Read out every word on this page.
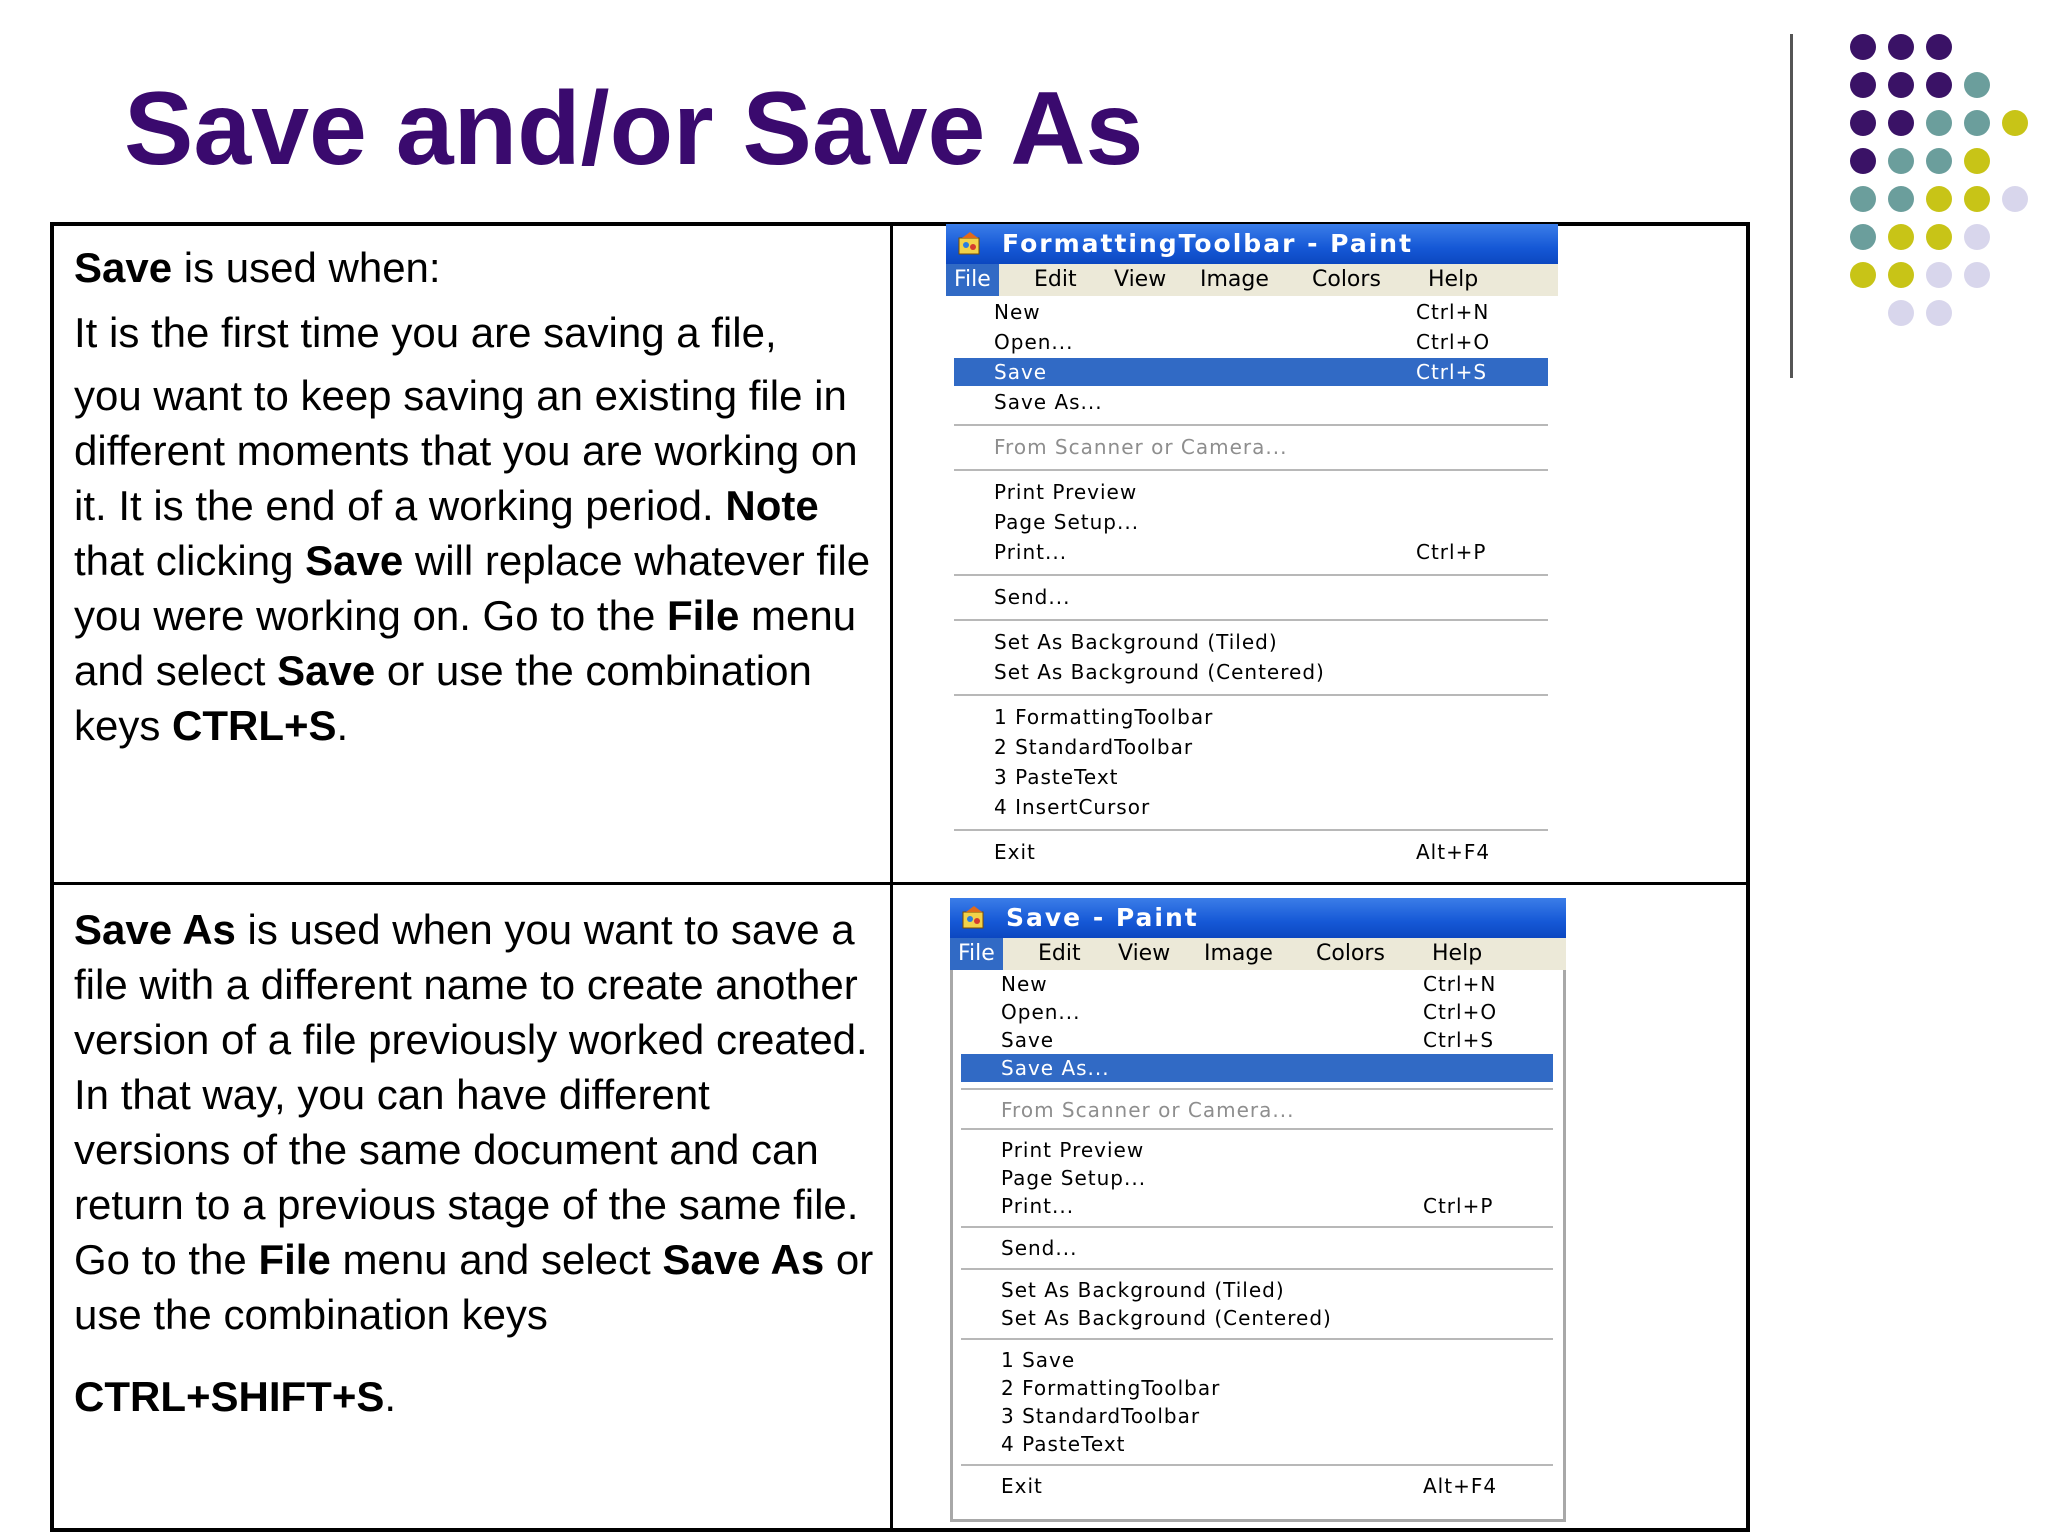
Save and/or Save As

Save is used when:

It is the first time you are saving a file,

you want to keep saving an existing file in different moments that you are working on it. It is the end of a working period. Note that clicking Save will replace whatever file you were working on. Go to the File menu and select Save or use the combination keys CTRL+S.

Save As is used when you want to save a file with a different name to create another version of a file previously worked created. In that way, you can have different versions of the same document and can return to a previous stage of the same file.

Go to the File menu and select Save As or use the combination keys

CTRL+SHIFT+S.

FormattingToolbar - Paint
File	Edit	View	Image	Colors	Help
New	Ctrl+N
Open...	Ctrl+O
Save	Ctrl+S
Save As...
From Scanner or Camera...
Print Preview
Page Setup...
Print...	Ctrl+P
Send...
Set As Background (Tiled)
Set As Background (Centered)
1 FormattingToolbar
2 StandardToolbar
3 PasteText
4 InsertCursor
Exit	Alt+F4
Save - Paint
File	Edit	View	Image	Colors	Help
New	Ctrl+N
Open...	Ctrl+O
Save	Ctrl+S
Save As...
From Scanner or Camera...
Print Preview
Page Setup...
Print...	Ctrl+P
Send...
Set As Background (Tiled)
Set As Background (Centered)
1 Save
2 FormattingToolbar
3 StandardToolbar
4 PasteText
Exit	Alt+F4
